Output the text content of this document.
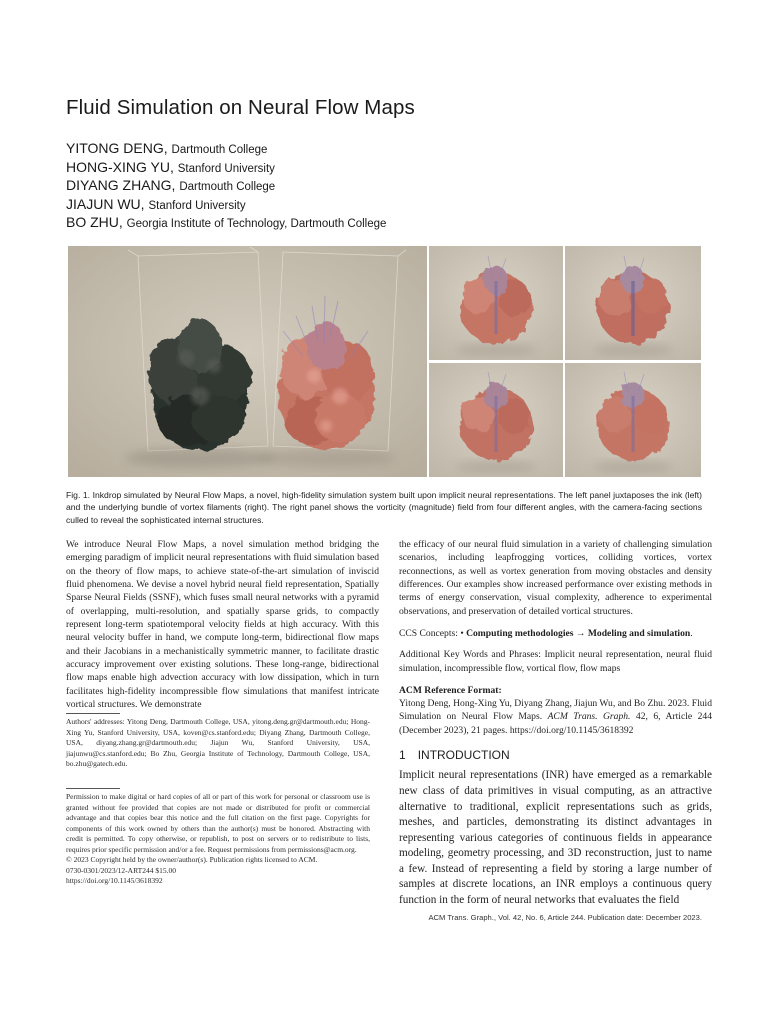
Fluid Simulation on Neural Flow Maps
YITONG DENG, Dartmouth College
HONG-XING YU, Stanford University
DIYANG ZHANG, Dartmouth College
JIAJUN WU, Stanford University
BO ZHU, Georgia Institute of Technology, Dartmouth College
Fig. 1. Inkdrop simulated by Neural Flow Maps, a novel, high-fidelity simulation system built upon implicit neural representations. The left panel juxtaposes the ink (left) and the underlying bundle of vortex filaments (right). The right panel shows the vorticity (magnitude) field from four different angles, with the camera-facing sections culled to reveal the sophisticated internal structures.

We introduce Neural Flow Maps, a novel simulation method bridging the emerging paradigm of implicit neural representations with fluid simulation based on the theory of flow maps, to achieve state-of-the-art simulation of inviscid fluid phenomena. We devise a novel hybrid neural field representation, Spatially Sparse Neural Fields (SSNF), which fuses small neural networks with a pyramid of overlapping, multi-resolution, and spatially sparse grids, to compactly represent long-term spatiotemporal velocity fields at high accuracy. With this neural velocity buffer in hand, we compute long-term, bidirectional flow maps and their Jacobians in a mechanistically symmetric manner, to facilitate drastic accuracy improvement over existing solutions. These long-range, bidirectional flow maps enable high advection accuracy with low dissipation, which in turn facilitates high-fidelity incompressible flow simulations that manifest intricate vortical structures. We demonstrate

Authors' addresses: Yitong Deng, Dartmouth College, USA, yitong.deng.gr@dartmouth.edu; Hong-Xing Yu, Stanford University, USA, koven@cs.stanford.edu; Diyang Zhang, Dartmouth College, USA, diyang.zhang.gr@dartmouth.edu; Jiajun Wu, Stanford University, USA, jiajunwu@cs.stanford.edu; Bo Zhu, Georgia Institute of Technology, Dartmouth College, USA, bo.zhu@gatech.edu.

Permission to make digital or hard copies of all or part of this work for personal or classroom use is granted without fee provided that copies are not made or distributed for profit or commercial advantage and that copies bear this notice and the full citation on the first page. Copyrights for components of this work owned by others than the author(s) must be honored. Abstracting with credit is permitted. To copy otherwise, or republish, to post on servers or to redistribute to lists, requires prior specific permission and/or a fee. Request permissions from permissions@acm.org.

© 2023 Copyright held by the owner/author(s). Publication rights licensed to ACM.

0730-0301/2023/12-ART244 $15.00

https://doi.org/10.1145/3618392

the efficacy of our neural fluid simulation in a variety of challenging simulation scenarios, including leapfrogging vortices, colliding vortices, vortex reconnections, as well as vortex generation from moving obstacles and density differences. Our examples show increased performance over existing methods in terms of energy conservation, visual complexity, adherence to experimental observations, and preservation of detailed vortical structures.

CCS Concepts: • Computing methodologies → Modeling and simulation.

Additional Key Words and Phrases: Implicit neural representation, neural fluid simulation, incompressible flow, vortical flow, flow maps

ACM Reference Format:

Yitong Deng, Hong-Xing Yu, Diyang Zhang, Jiajun Wu, and Bo Zhu. 2023. Fluid Simulation on Neural Flow Maps. ACM Trans. Graph. 42, 6, Article 244 (December 2023), 21 pages. https://doi.org/10.1145/3618392

1 INTRODUCTION

Implicit neural representations (INR) have emerged as a remarkable new class of data primitives in visual computing, as an attractive alternative to traditional, explicit representations such as grids, meshes, and particles, demonstrating its distinct advantages in representing various categories of continuous fields in appearance modeling, geometry processing, and 3D reconstruction, just to name a few. Instead of representing a field by storing a large number of samples at discrete locations, an INR employs a continuous query function in the form of neural networks that evaluates the field

ACM Trans. Graph., Vol. 42, No. 6, Article 244. Publication date: December 2023.
